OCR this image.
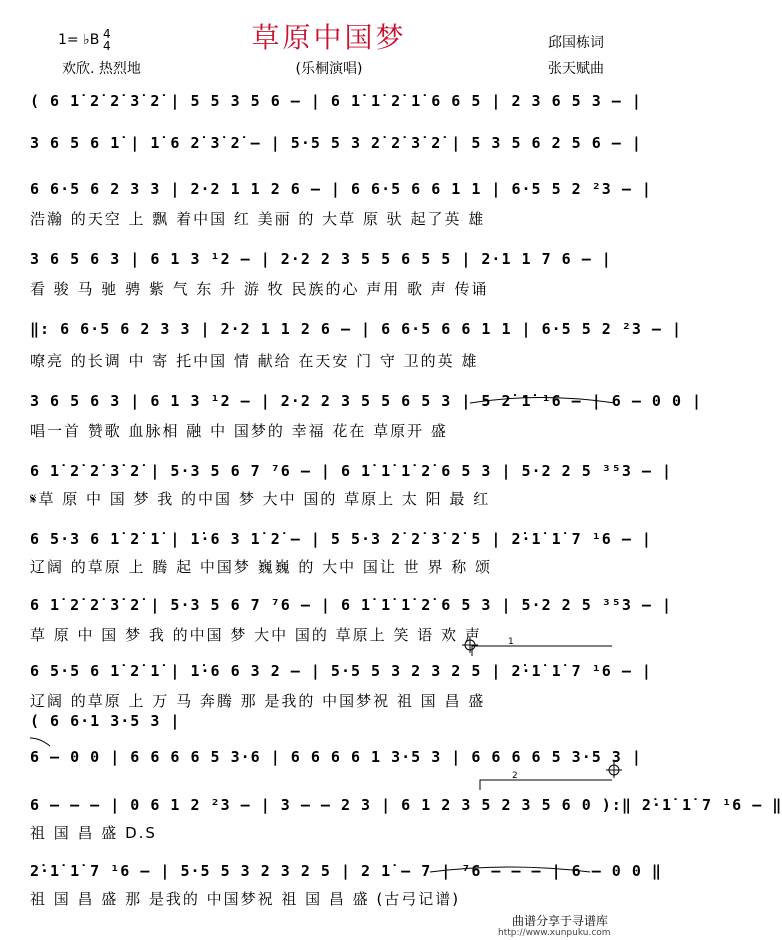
草原中国梦
(乐桐演唱)
1= ♭B 4
4
欢欣. 热烈地
邱国栋词
张天赋曲
( 6 1̇ 2̇ 2̇ 3̇ 2̇ | 5 5 3 5 6 – | 6 1̇ 1̇ 2̇ 1̇ 6 6 5 | 2 3 6 5 3 – |
3 6 5 6 1̇ | 1̇ 6 2̇ 3̇ 2̇ – | 5·5 5 3 2̇ 2̇ 3̇ 2̇ | 5 3 5 6 2 5 6 – |
6 6·5 6 2 3 3 | 2·2 1 1 2 6 – | 6 6·5 6 6 1 1 | 6·5 5 2 ²3 – |
浩瀚 的天空 上 飘 着中国 红 美丽 的 大草 原 驮 起了英 雄
3 6 5 6 3 | 6 1 3 ¹2 – | 2·2 2 3 5 5 6 5 5 | 2·1 1 7 6 – |
看 骏 马 驰 骋 紫 气 东 升 游 牧 民族的心 声用 歌 声 传诵
‖: 6 6·5 6 2 3 3 | 2·2 1 1 2 6 – | 6 6·5 6 6 1 1 | 6·5 5 2 ²3 – |
嘹亮 的长调 中 寄 托中国 情 献给 在天安 门 守 卫的英 雄
3 6 5 6 3 | 6 1 3 ¹2 – | 2·2 2 3 5 5 6 5 3 | 5 2̇ 1̇ ¹6 – | 6 – 0 0 |
唱一首 赞歌 血脉相 融 中 国梦的 幸福 花在 草原开 盛
6 1̇ 2̇ 2̇ 3̇ 2̇ | 5·3 5 6 7 ⁷6 – | 6 1̇ 1̇ 1̇ 2̇ 6 5 3 | 5·2 2 5 ³⁵3 – |
𝄋草 原 中 国 梦 我 的中国 梦 大中 国的 草原上 太 阳 最 红
6 5·3 6 1̇ 2̇ 1̇ | 1̇·6 3 1̇ 2̇ – | 5 5·3 2̇ 2̇ 3̇ 2̇ 5 | 2̇·1̇ 1̇ 7 ¹6 – |
辽阔 的草原 上 腾 起 中国梦 巍巍 的 大中 国让 世 界 称 颂
6 1̇ 2̇ 2̇ 3̇ 2̇ | 5·3 5 6 7 ⁷6 – | 6 1̇ 1̇ 1̇ 2̇ 6 5 3 | 5·2 2 5 ³⁵3 – |
草 原 中 国 梦 我 的中国 梦 大中 国的 草原上 笑 语 欢 声
6 5·5 6 1̇ 2̇ 1̇ | 1̇·6 6 3 2 – | 5·5 5 3 2 3 2 5 | 2̇·1̇ 1̇ 7 ¹6 – |
辽阔 的草原 上 万 马 奔腾 那 是我的 中国梦祝 祖 国 昌 盛
( 6 6·1 3·5 3 |
6 – 0 0 | 6 6 6 6 5 3·6 | 6 6 6 6 1 3·5 3 | 6 6 6 6 5 3·5 3 |
6 – – – | 0 6 1 2 ²3 – | 3 – – 2 3 | 6 1 2 3 5 2 3 5 6 0 ):‖ 2̇·1̇ 1̇ 7 ¹6 – ‖
祖 国 昌 盛 D.S
2̇·1̇ 1̇ 7 ¹6 – | 5·5 5 3 2 3 2 5 | 2 1̇ – 7 | ⁷6 – – – | 6 – 0 0 ‖
祖 国 昌 盛 那 是我的 中国梦祝 祖 国 昌 盛 (古弓记谱)
1
2
曲谱分享于寻谱库
http://www.xunpuku.com
